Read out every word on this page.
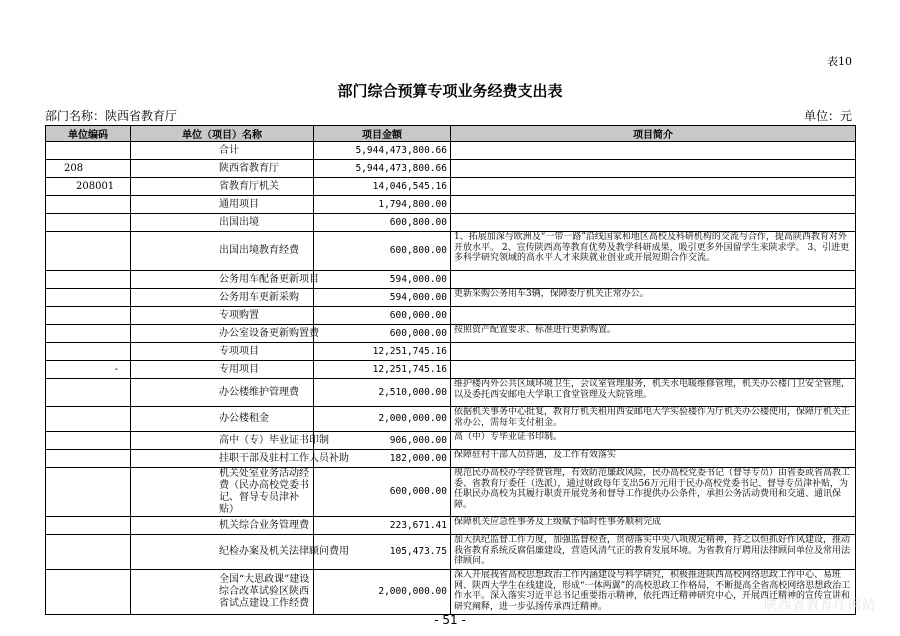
表10
部门综合预算专项业务经费支出表
部门名称：陕西省教育厅	单位：元
单位编码	单位（项目）名称	项目金额	项目简介
	合计	5,944,473,800.66	
208	陕西省教育厅	5,944,473,800.66	
208001	省教育厅机关	14,046,545.16	
	通用项目	1,794,800.00	
	出国出境	600,800.00	
	出国出境教育经费	600,800.00	1、拓展加深与欧洲及“一带一路”沿线国家和地区高校及科研机构的交流与合作，提高陕西教育对外开放水平。 2、宣传陕西高等教育优势及教学科研成果，吸引更多外国留学生来陕求学。 3、引进更多科学研究领域的高水平人才来陕就业创业或开展短期合作交流。
	公务用车配备更新项目	594,000.00	
	公务用车更新采购	594,000.00	更新采购公务用车3辆，保障委厅机关正常办公。
	专项购置	600,000.00	
	办公室设备更新购置费	600,000.00	按照资产配置要求、标准进行更新购置。
	专项项目	12,251,745.16	
-	专用项目	12,251,745.16	
	办公楼维护管理费	2,510,000.00	维护楼内外公共区域环境卫生，会议室管理服务，机关水电暖维修管理，机关办公楼门卫安全管理，以及委托西安邮电大学职工食堂管理及大院管理。
	办公楼租金	2,000,000.00	依据机关事务中心批复，教育厅机关租用西安邮电大学实验楼作为厅机关办公楼使用，保障厅机关正常办公，需每年支付租金。
	高中（专）毕业证书印制	906,000.00	高（中）专毕业证书印制。
	挂职干部及驻村工作人员补助	182,000.00	保障驻村干部人员待遇，及工作有效落实
	机关处室业务活动经费（民办高校党委书记、督导专员津补贴）	600,000.00	规范民办高校办学经费管理，有效防范廉政风险，民办高校党委书记（督导专员）由省委或省高教工委、省教育厅委任（选派），通过财政每年支出56万元用于民办高校党委书记、督导专员津补贴，为任职民办高校为其履行职责开展党务和督导工作提供办公条件，承担公务活动费用和交通、通讯保障。
	机关综合业务管理费	223,671.41	保障机关应急性事务及上级赋予临时性事务顺利完成
	纪检办案及机关法律顾问费用	105,473.75	加大执纪监督工作力度，加强监督检查，贯彻落实中央八项规定精神，持之以恒抓好作风建设，推动我省教育系统反腐倡廉建设，营造风清气正的教育发展环境。为省教育厅聘用法律顾问单位及常用法律顾问。
	全国“大思政课”建设综合改革试验区陕西省试点建设工作经费	2,000,000.00	深入开展我省高校思想政治工作内涵建设与科学研究，积极推进陕西高校网络思政工作中心、易班网、陕西大学生在线建设，形成“一体两翼”的高校思政工作格局，不断提高全省高校网络思想政治工作水平。深入落实习近平总书记重要指示精神，依托西迁精神研究中心，开展西迁精神的宣传宣讲和研究阐释，进一步弘扬传承西迁精神。	陕西省教育厅网站
- 51 -
